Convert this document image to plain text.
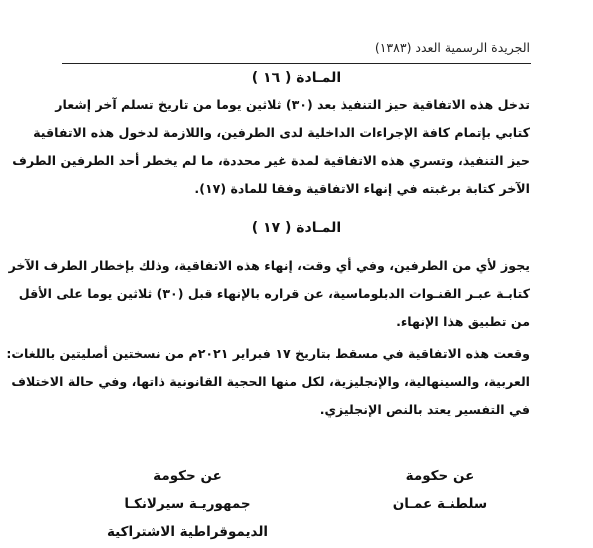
الجريدة الرسمية العدد (١٣٨٣)
المـادة ( ١٦ )
تدخل هذه الاتفاقية حيز التنفيذ بعد (٣٠) ثلاثين يوما من تاريخ تسلم آخر إشعار
كتابي بإتمام كافة الإجراءات الداخلية لدى الطرفين، واللازمة لدخول هذه الاتفاقية
حيز التنفيذ، وتسري هذه الاتفاقية لمدة غير محددة، ما لم يخطر أحد الطرفين الطرف
الآخر كتابة برغبته في إنهاء الاتفاقية وفقا للمادة (١٧).
المـادة ( ١٧ )
يجوز لأي من الطرفين، وفي أي وقت، إنهاء هذه الاتفاقية، وذلك بإخطار الطرف الآخر
كتابـة عبـر القنـوات الدبلوماسية، عن قراره بالإنهاء قبل (٣٠) ثلاثين يوما على الأقل
من تطبيق هذا الإنهاء.
وقعت هذه الاتفاقية في مسقط بتاريخ ١٧ فبراير ٢٠٢١م من نسختين أصليتين باللغات:
العربية، والسينهالية، والإنجليزية، لكل منها الحجية القانونية ذاتها، وفي حالة الاختلاف
في التفسير يعتد بالنص الإنجليزي.
عن حكومة
سلطنـة عمـان
عن حكومة
جمهوريـة سيرلانكـا
الديموقراطية الاشتراكية
